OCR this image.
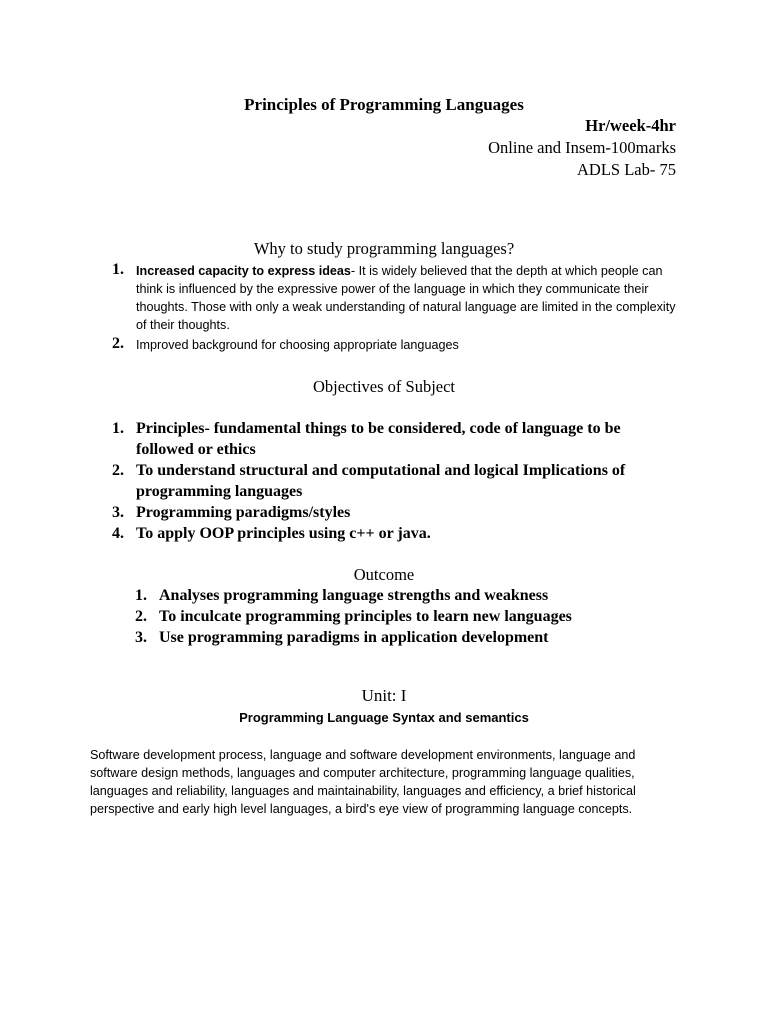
Principles of Programming Languages
Hr/week-4hr
Online and Insem-100marks
ADLS Lab- 75
Why to study programming languages?
1. Increased capacity to express ideas- It is widely believed that the depth at which people can think is influenced by the expressive power of the language in which they communicate their thoughts. Those with only a weak understanding of natural language are limited in the complexity of their thoughts.
2. Improved background for choosing appropriate languages
Objectives of Subject
1. Principles- fundamental things to be considered, code of language to be followed or ethics
2. To understand structural and computational and logical Implications of programming languages
3. Programming paradigms/styles
4. To apply OOP principles using c++ or java.
Outcome
1. Analyses programming language strengths and weakness
2. To inculcate programming principles to learn new languages
3. Use programming paradigms in application development
Unit: I
Programming Language Syntax and semantics
Software development process, language and software development environments, language and software design methods, languages and computer architecture, programming language qualities, languages and reliability, languages and maintainability, languages and efficiency, a brief historical perspective and early high level languages, a bird's eye view of programming language concepts.
